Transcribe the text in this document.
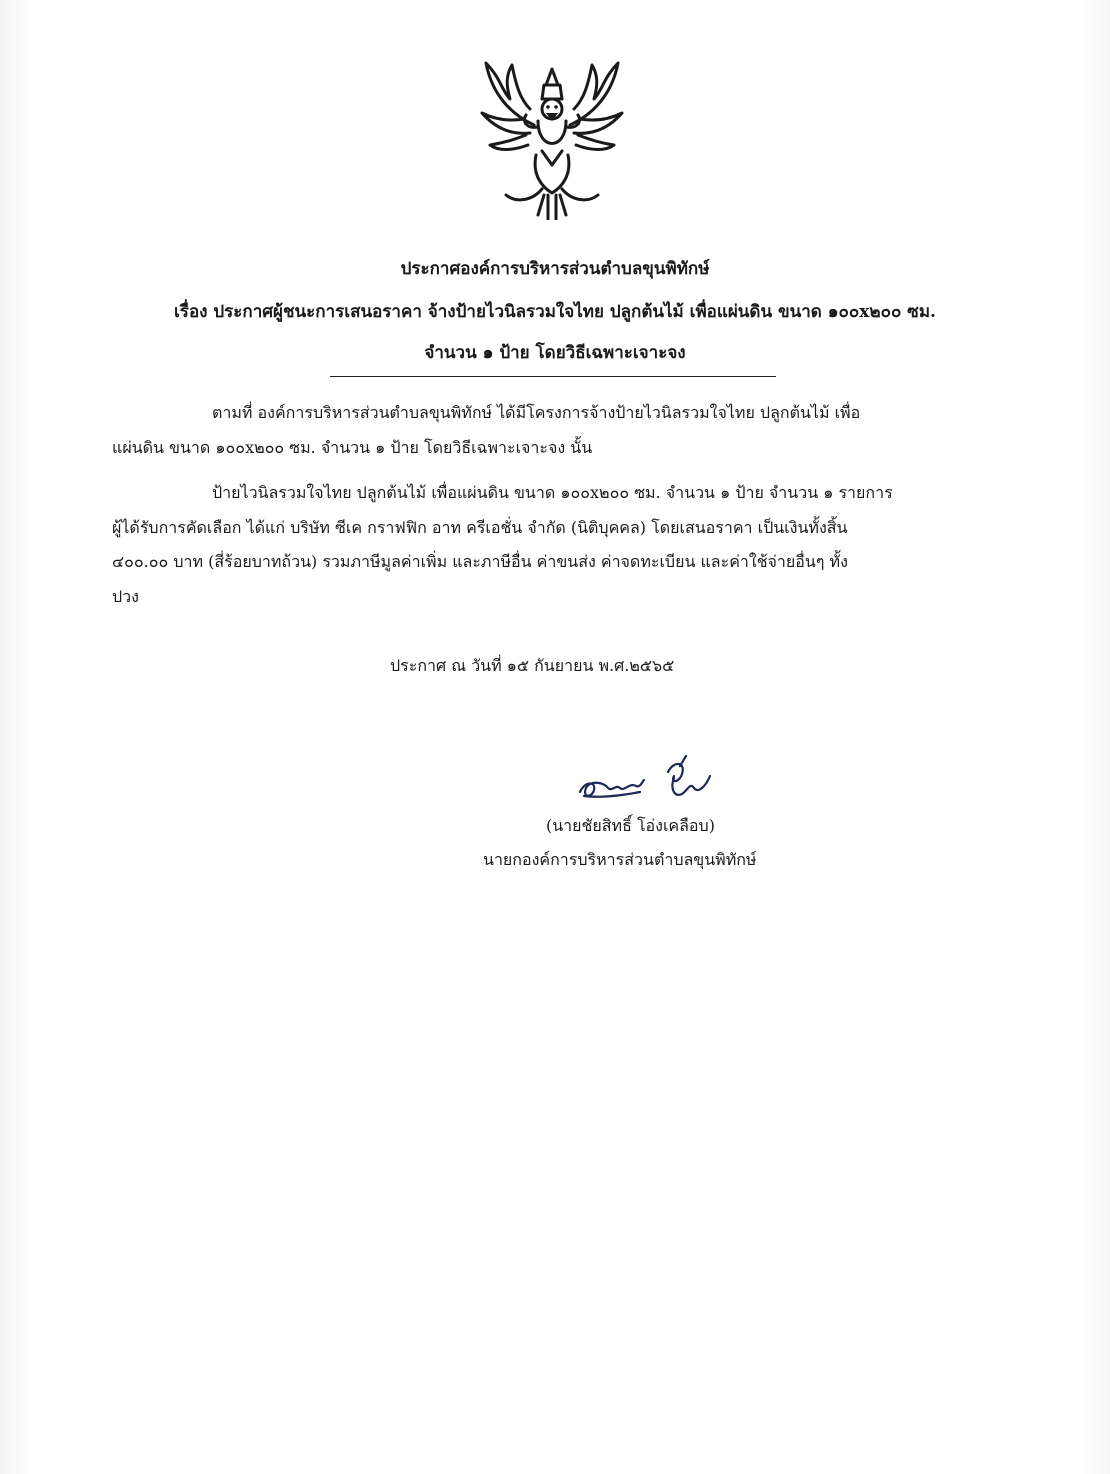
ประกาศองค์การบริหารส่วนตำบลขุนพิทักษ์
เรื่อง ประกาศผู้ชนะการเสนอราคา จ้างป้ายไวนิลรวมใจไทย ปลูกต้นไม้ เพื่อแผ่นดิน ขนาด ๑๐๐x๒๐๐ ซม.
จำนวน ๑ ป้าย โดยวิธีเฉพาะเจาะจง
ตามที่ องค์การบริหารส่วนตำบลขุนพิทักษ์ ได้มีโครงการจ้างป้ายไวนิลรวมใจไทย ปลูกต้นไม้ เพื่อ
แผ่นดิน ขนาด ๑๐๐x๒๐๐ ซม. จำนวน ๑ ป้าย โดยวิธีเฉพาะเจาะจง นั้น
ป้ายไวนิลรวมใจไทย ปลูกต้นไม้ เพื่อแผ่นดิน ขนาด ๑๐๐x๒๐๐ ซม. จำนวน ๑ ป้าย จำนวน ๑ รายการ
ผู้ได้รับการคัดเลือก ได้แก่ บริษัท ซีเค กราฟฟิก อาท ครีเอชั่น จำกัด (นิติบุคคล) โดยเสนอราคา เป็นเงินทั้งสิ้น
๔๐๐.๐๐ บาท (สี่ร้อยบาทถ้วน) รวมภาษีมูลค่าเพิ่ม และภาษีอื่น ค่าขนส่ง ค่าจดทะเบียน และค่าใช้จ่ายอื่นๆ ทั้ง
ปวง
ประกาศ ณ วันที่ ๑๕ กันยายน พ.ศ.๒๕๖๕
(นายชัยสิทธิ์ โอ่งเคลือบ)
นายกองค์การบริหารส่วนตำบลขุนพิทักษ์
